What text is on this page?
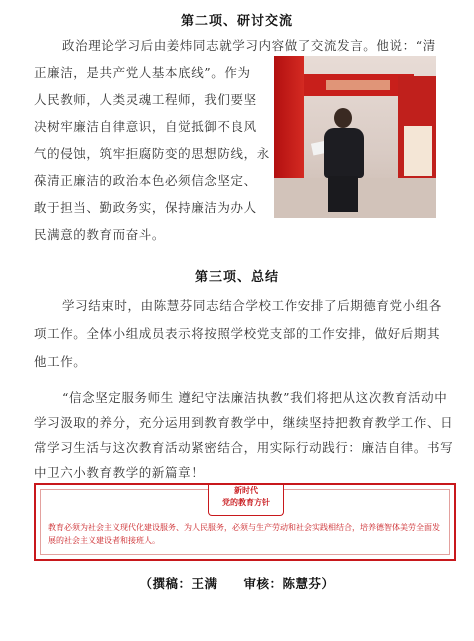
第二项、研讨交流
政治理论学习后由姜炜同志就学习内容做了交流发言。他说：“清
正廉洁，是共产党人基本底线”。作为
人民教师，人类灵魂工程师，我们要坚
决树牢廉洁自律意识，自觉抵御不良风
气的侵蚀，筑牢拒腐防变的思想防线，永
葆清正廉洁的政治本色必须信念坚定、
敢于担当、勤政务实，保持廉洁为办人
民满意的教育而奋斗。
第三项、总结
学习结束时，由陈慧芬同志结合学校工作安排了后期德育党小组各
项工作。全体小组成员表示将按照学校党支部的工作安排，做好后期其
他工作。
“信念坚定服务师生 遵纪守法廉洁执教”我们将把从这次教育活动中
学习汲取的养分，充分运用到教育教学中，继续坚持把教育教学工作、日
常学习生活与这次教育活动紧密结合，用实际行动践行：廉洁自律。书写
中卫六小教育教学的新篇章！
新时代
党的教育方针
教育必须为社会主义现代化建设服务、为人民服务，必须与生产劳动和社会实践相结合，培养德智体美劳全面发展的社会主义建设者和接班人。
（撰稿：王满　　审核：陈慧芬）
